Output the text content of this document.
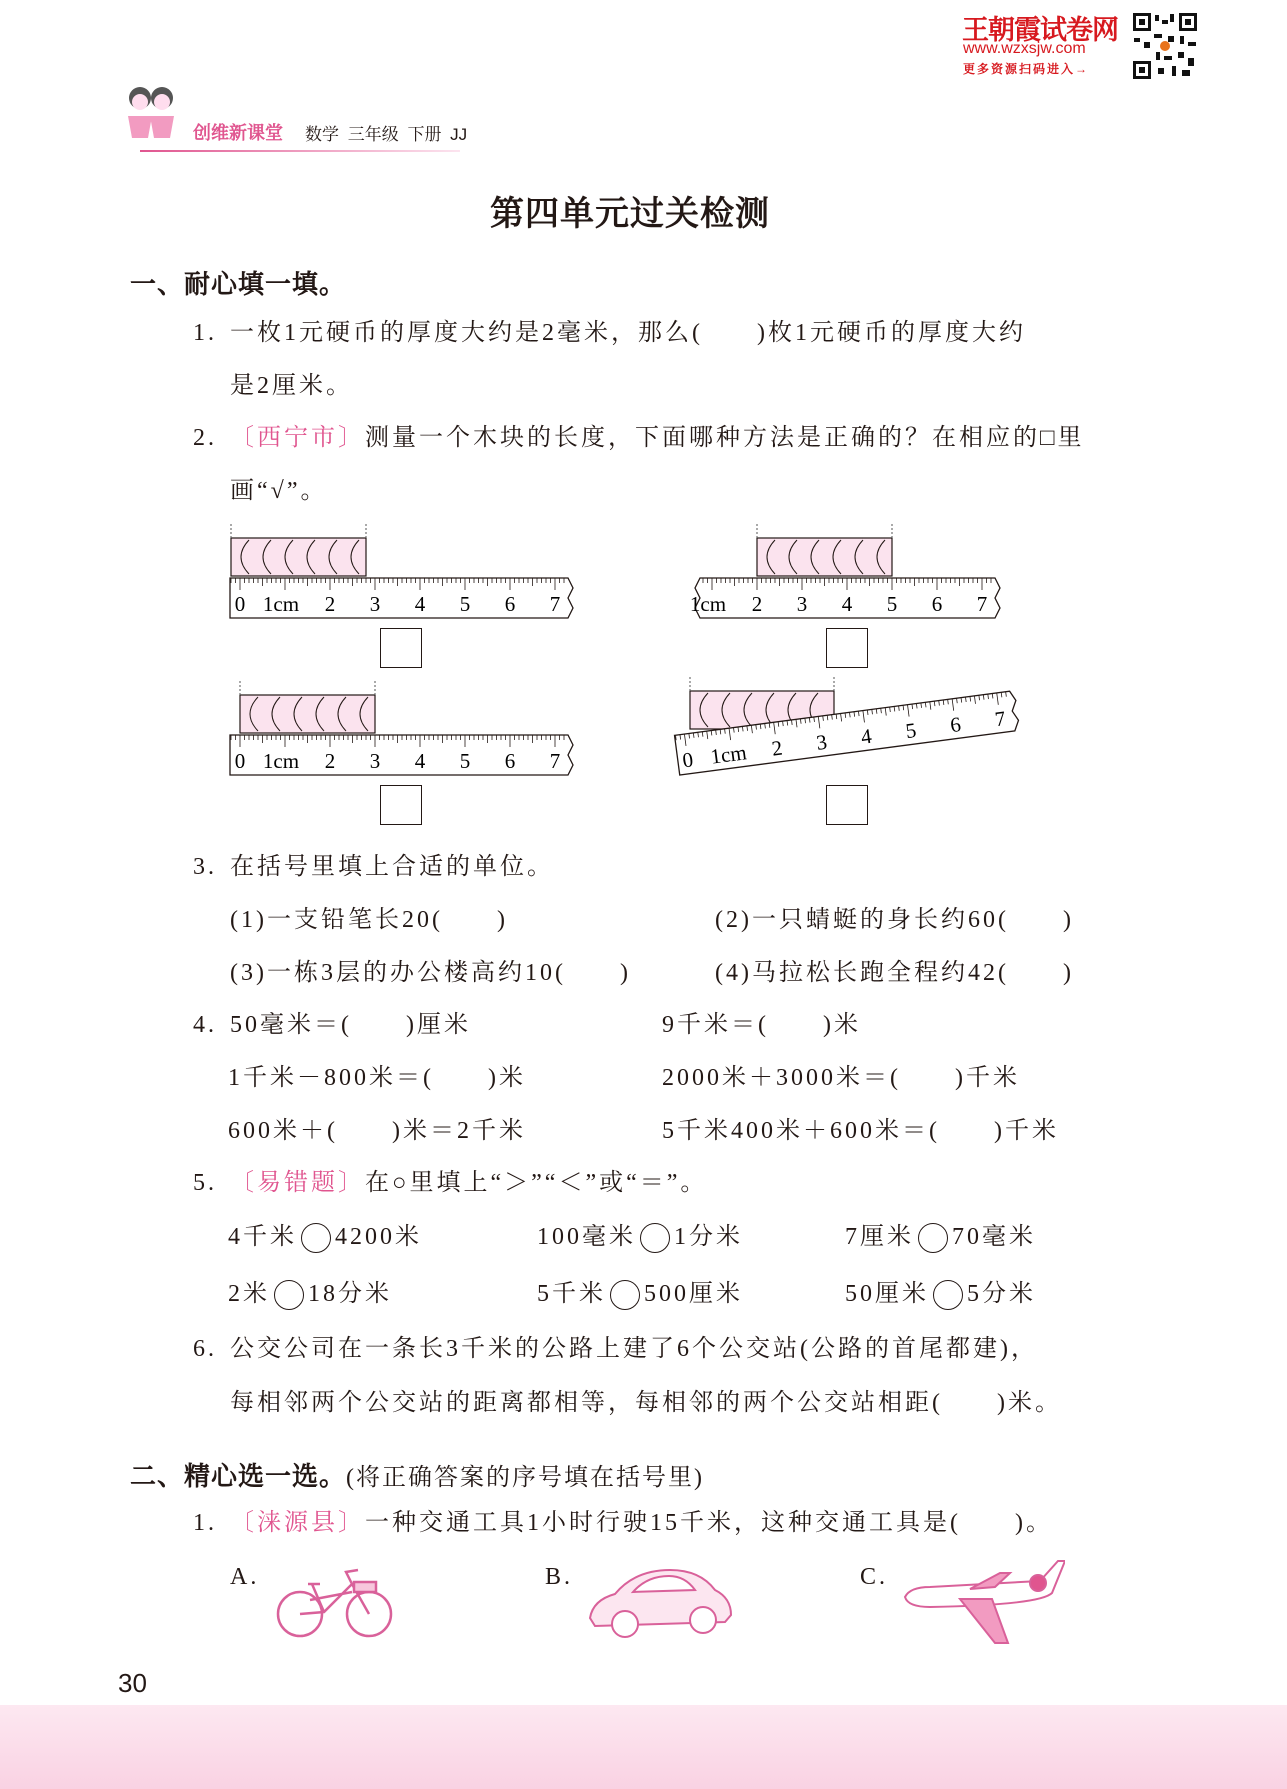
王朝霞试卷网
www.wzxsjw.com
更多资源扫码进入→
创维新课堂 数学 三年级 下册 JJ
第四单元过关检测
一、耐心填一填。
1. 一枚1元硬币的厚度大约是2毫米，那么(　　)枚1元硬币的厚度大约
是2厘米。
2. 〔西宁市〕测量一个木块的长度，下面哪种方法是正确的？在相应的□里
画“√”。
0 1cm 2 3 4 5 6 7	1cm 2 3 4 5 6 7
0 1cm 2 3 4 5 6 7	0 1cm 2 3 4 5 6 7
3. 在括号里填上合适的单位。
(1)一支铅笔长20(　　)	(2)一只蜻蜓的身长约60(　　)
(3)一栋3层的办公楼高约10(　　)	(4)马拉松长跑全程约42(　　)
4. 50毫米＝(　　)厘米	9千米＝(　　)米
1千米－800米＝(　　)米	2000米＋3000米＝(　　)千米
600米＋(　　)米＝2千米	5千米400米＋600米＝(　　)千米
5. 〔易错题〕在○里填上“＞”“＜”或“＝”。
4千米 4200米	100毫米 1分米	7厘米 70毫米
2米 18分米	5千米 500厘米	50厘米 5分米
6. 公交公司在一条长3千米的公路上建了6个公交站(公路的首尾都建)，
每相邻两个公交站的距离都相等，每相邻的两个公交站相距(　　)米。
二、精心选一选。(将正确答案的序号填在括号里)
1. 〔涞源县〕一种交通工具1小时行驶15千米，这种交通工具是(　　)。
A.	B.	C.
30
